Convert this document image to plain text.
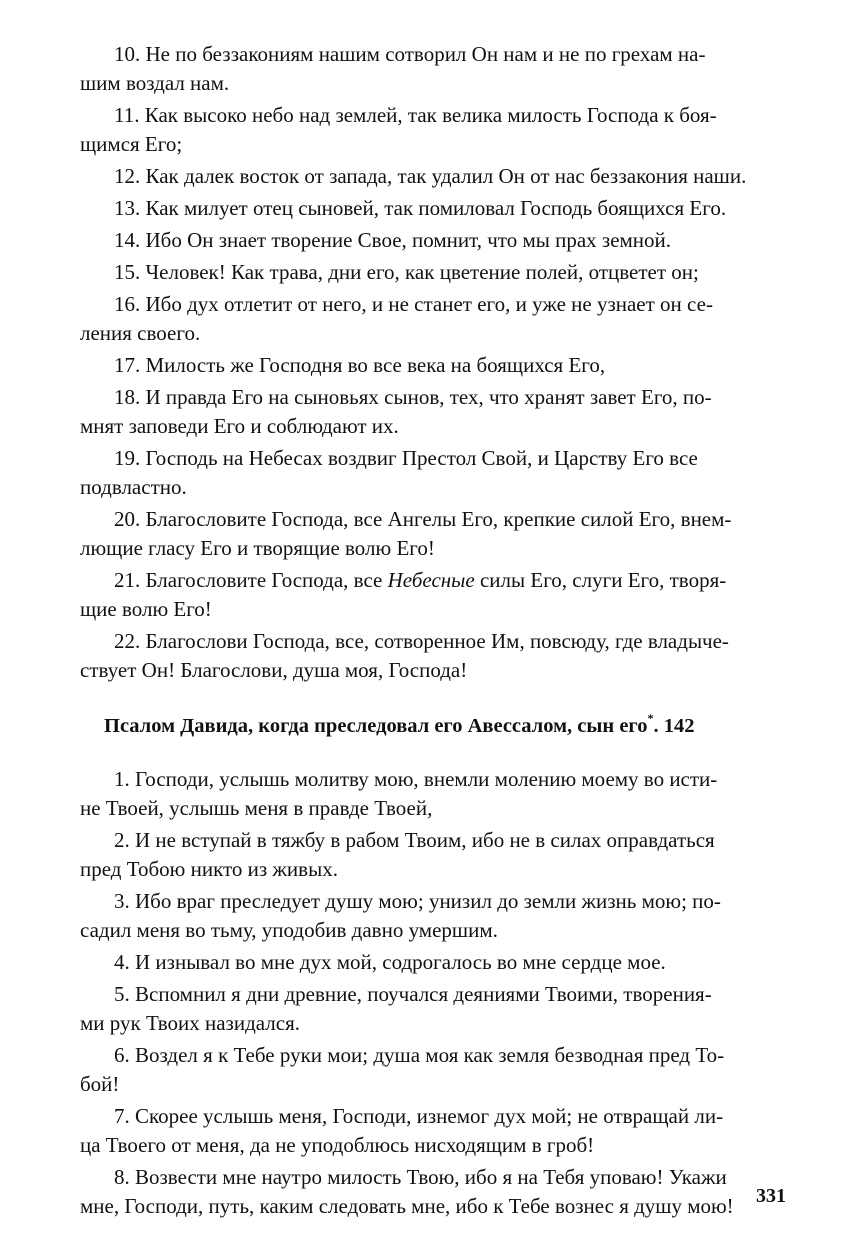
10. Не по беззакониям нашим сотворил Он нам и не по грехам на-
шим воздал нам.

11. Как высоко небо над землей, так велика милость Господа к боя-
щимся Его;

12. Как далек восток от запада, так удалил Он от нас беззакония наши.

13. Как милует отец сыновей, так помиловал Господь боящихся Его.

14. Ибо Он знает творение Свое, помнит, что мы прах земной.

15. Человек! Как трава, дни его, как цветение полей, отцветет он;

16. Ибо дух отлетит от него, и не станет его, и уже не узнает он се-
ления своего.

17. Милость же Господня во все века на боящихся Его,

18. И правда Его на сыновьях сынов, тех, что хранят завет Его, по-
мнят заповеди Его и соблюдают их.

19. Господь на Небесах воздвиг Престол Свой, и Царству Его все
подвластно.

20. Благословите Господа, все Ангелы Его, крепкие силой Его, внем-
лющие гласу Его и творящие волю Его!

21. Благословите Господа, все Небесные силы Его, слуги Его, творя-
щие волю Его!

22. Благослови Господа, все, сотворенное Им, повсюду, где владыче-
ствует Он! Благослови, душа моя, Господа!

Псалом Давида, когда преследовал его Авессалом, сын его*. 142

1. Господи, услышь молитву мою, внемли молению моему во исти-
не Твоей, услышь меня в правде Твоей,

2. И не вступай в тяжбу в рабом Твоим, ибо не в силах оправдаться
пред Тобою никто из живых.

3. Ибо враг преследует душу мою; унизил до земли жизнь мою; по-
садил меня во тьму, уподобив давно умершим.

4. И изнывал во мне дух мой, содрогалось во мне сердце мое.

5. Вспомнил я дни древние, поучался деяниями Твоими, творения-
ми рук Твоих назидался.

6. Воздел я к Тебе руки мои; душа моя как земля безводная пред То-
бой!

7. Скорее услышь меня, Господи, изнемог дух мой; не отвращай ли-
ца Твоего от меня, да не уподоблюсь нисходящим в гроб!

8. Возвести мне наутро милость Твою, ибо я на Тебя уповаю! Укажи
мне, Господи, путь, каким следовать мне, ибо к Тебе вознес я душу мою!	331
